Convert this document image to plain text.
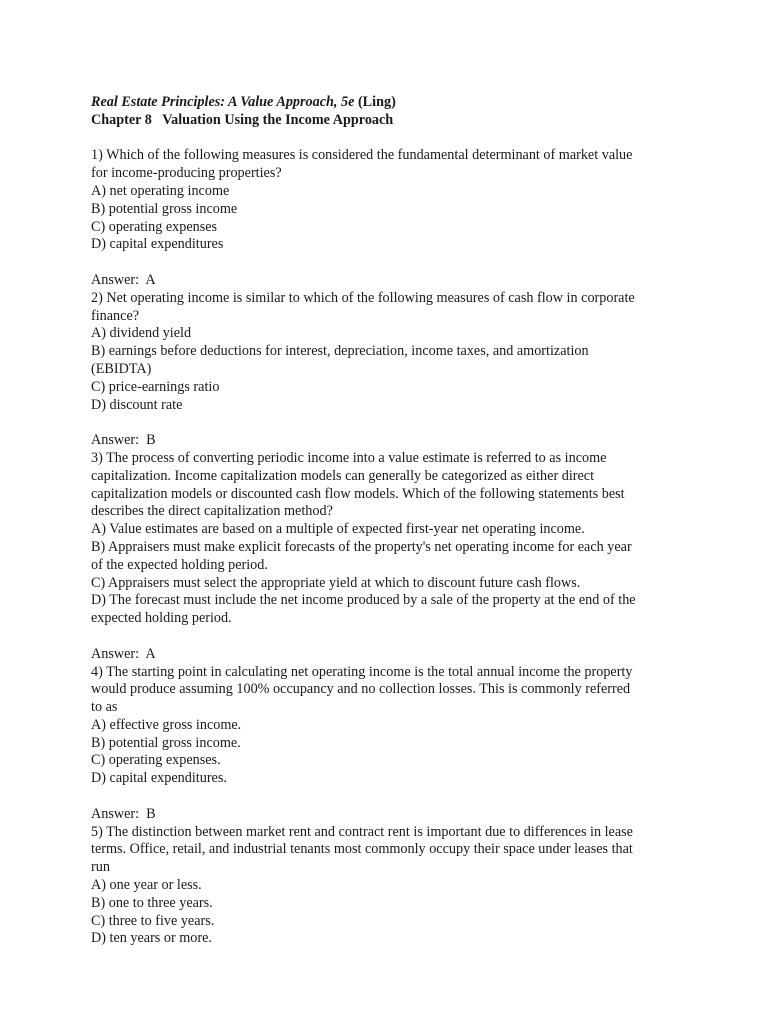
Real Estate Principles: A Value Approach, 5e (Ling)
Chapter 8   Valuation Using the Income Approach
1) Which of the following measures is considered the fundamental determinant of market value
for income-producing properties?
A) net operating income
B) potential gross income
C) operating expenses
D) capital expenditures
Answer:  A
2) Net operating income is similar to which of the following measures of cash flow in corporate
finance?
A) dividend yield
B) earnings before deductions for interest, depreciation, income taxes, and amortization
(EBIDTA)
C) price-earnings ratio
D) discount rate
Answer:  B
3) The process of converting periodic income into a value estimate is referred to as income
capitalization. Income capitalization models can generally be categorized as either direct
capitalization models or discounted cash flow models. Which of the following statements best
describes the direct capitalization method?
A) Value estimates are based on a multiple of expected first-year net operating income.
B) Appraisers must make explicit forecasts of the property's net operating income for each year
of the expected holding period.
C) Appraisers must select the appropriate yield at which to discount future cash flows.
D) The forecast must include the net income produced by a sale of the property at the end of the
expected holding period.
Answer:  A
4) The starting point in calculating net operating income is the total annual income the property
would produce assuming 100% occupancy and no collection losses. This is commonly referred
to as
A) effective gross income.
B) potential gross income.
C) operating expenses.
D) capital expenditures.
Answer:  B
5) The distinction between market rent and contract rent is important due to differences in lease
terms. Office, retail, and industrial tenants most commonly occupy their space under leases that
run
A) one year or less.
B) one to three years.
C) three to five years.
D) ten years or more.
